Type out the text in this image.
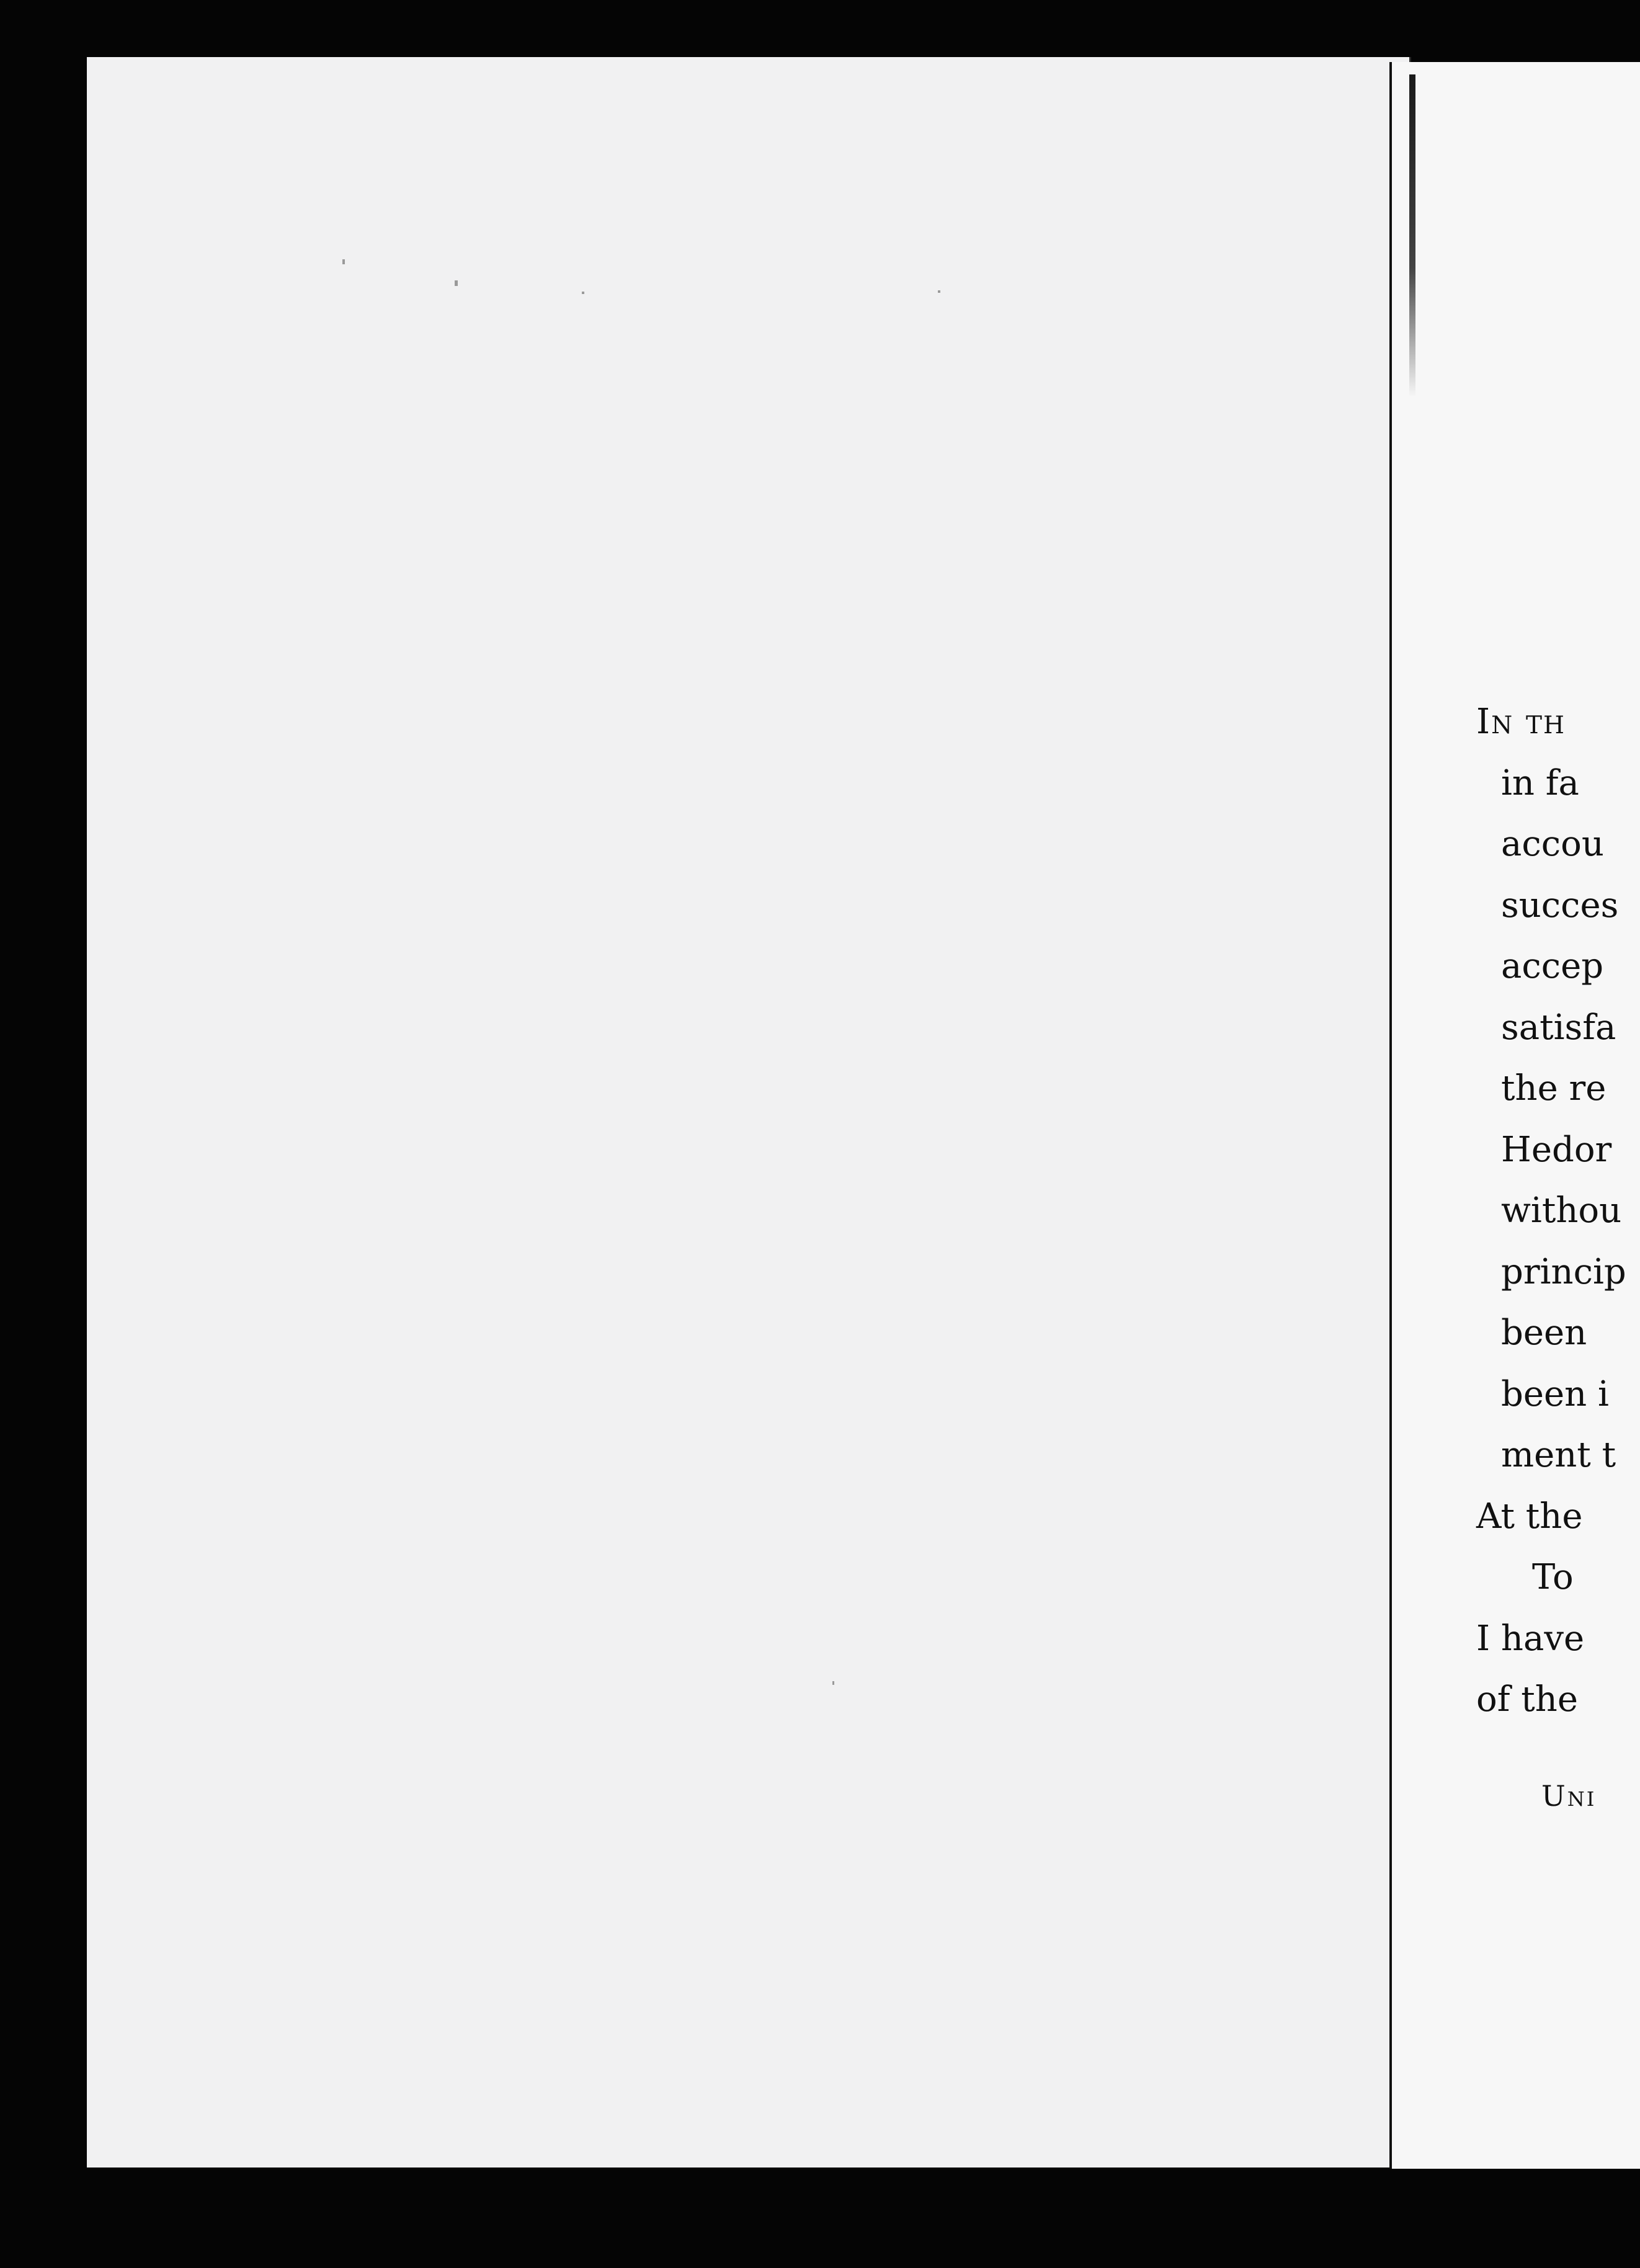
In th
in fa
accou
succes
accep
satisfa
the re
Hedor
withou
princip
been
been i
ment t
At the
To
I have
of the
Uni
